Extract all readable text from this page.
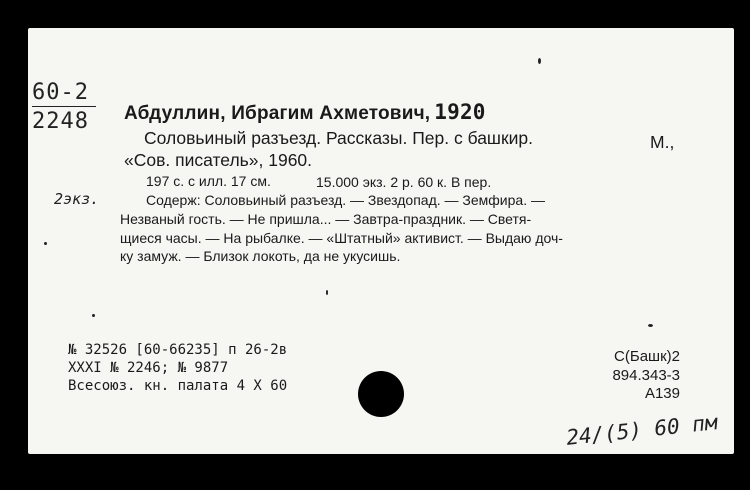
60-2
2248
2экз.
Абдуллин, Ибрагим Ахметович, 1920
Соловьиный разъезд. Рассказы. Пер. с башкир.	М.,
«Сов. писатель», 1960.
197 с. с илл. 17 см.	15.000 экз. 2 р. 60 к. В пер.
Содерж: Соловьиный разъезд. — Звездопад. — Земфира. —
Незваный гость. — Не пришла... — Завтра-праздник. — Светя-
щиеся часы. — На рыбалке. — «Штатный» активист. — Выдаю доч-
ку замуж. — Близок локоть, да не укусишь.
№ 32526 [60-66235] п 26-2в
XXXI № 2246; № 9877
Всесоюз. кн. палата 4 X 60
С(Башк)2
894.343-3
А139
24/(5) 60 пм
